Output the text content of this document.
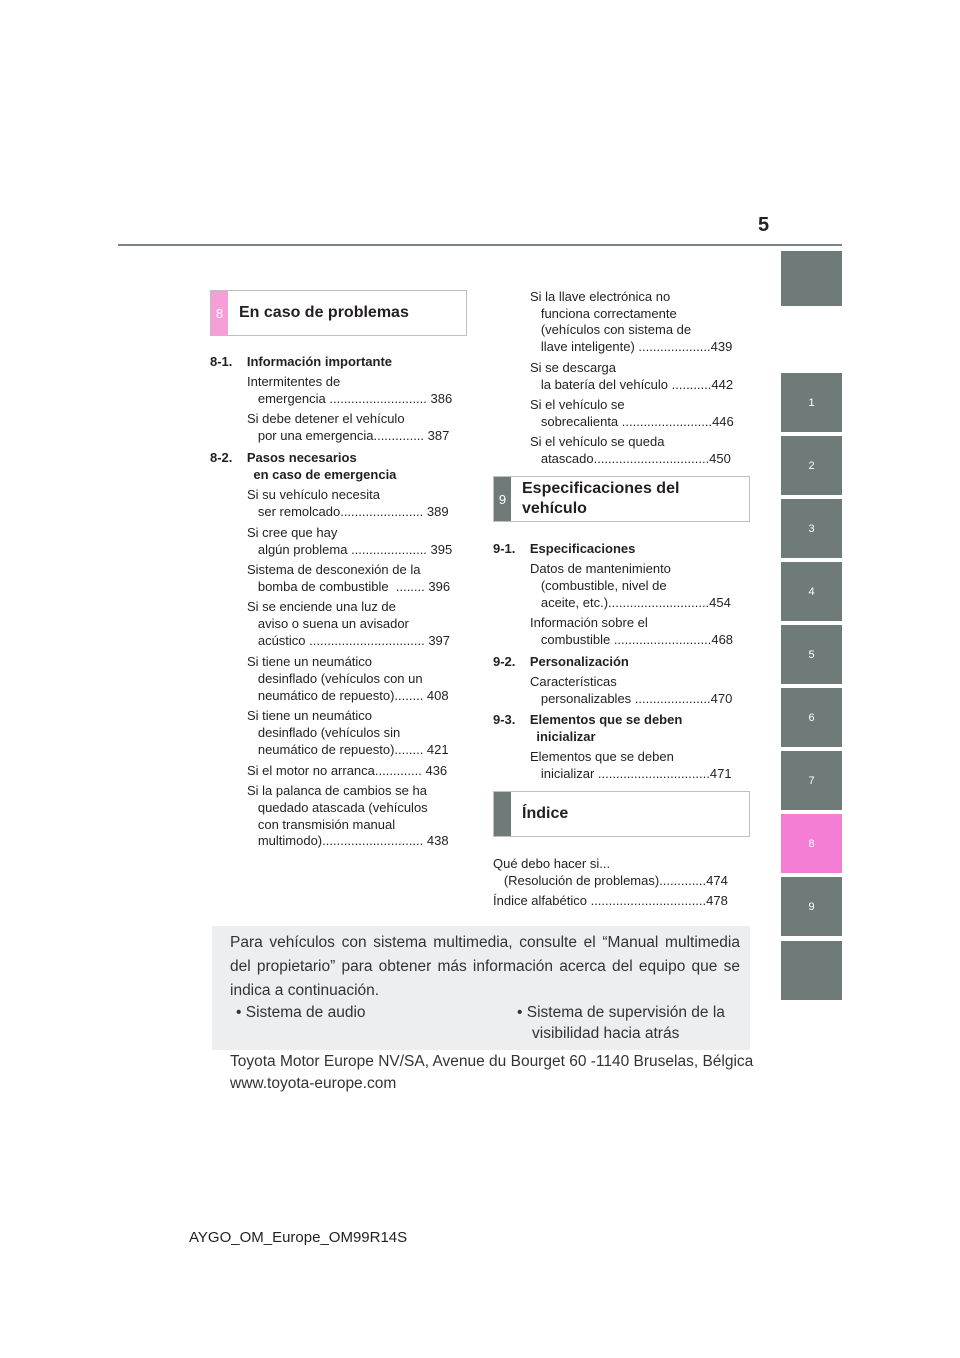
5
1
2
3
4
5
6
7
8
9
8 En caso de problemas
9
Especificaciones del
vehículo
Índice
8-1.    Información importante
Intermitentes de
emergencia ........................... 386
Si debe detener el vehículo
por una emergencia.............. 387
8-2.    Pasos necesarios
en caso de emergencia
Si su vehículo necesita
ser remolcado....................... 389
Si cree que hay
algún problema ..................... 395
Sistema de desconexión de la
bomba de combustible  ........ 396
Si se enciende una luz de
aviso o suena un avisador
acústico ................................ 397
Si tiene un neumático
desinflado (vehículos con un
neumático de repuesto)........ 408
Si tiene un neumático
desinflado (vehículos sin
neumático de repuesto)........ 421
Si el motor no arranca............. 436
Si la palanca de cambios se ha
quedado atascada (vehículos
con transmisión manual
multimodo)............................ 438
Si la llave electrónica no
funciona correctamente
(vehículos con sistema de
llave inteligente) ....................439
Si se descarga
la batería del vehículo ...........442
Si el vehículo se
sobrecalienta .........................446
Si el vehículo se queda
atascado................................450
9-1.    Especificaciones
Datos de mantenimiento
(combustible, nivel de
aceite, etc.)............................454
Información sobre el
combustible ...........................468
9-2.    Personalización
Características
personalizables .....................470
9-3.    Elementos que se deben
inicializar
Elementos que se deben
inicializar ...............................471
Qué debo hacer si...
(Resolución de problemas).............474
Índice alfabético ................................478
Para vehículos con sistema multimedia, consulte el “Manual multimedia del propietario” para obtener más información acerca del equipo que se indica a continuación.
• Sistema de audio	• Sistema de supervisión de la
visibilidad hacia atrás
Toyota Motor Europe NV/SA, Avenue du Bourget 60 -1140 Bruselas, Bélgica
www.toyota-europe.com
AYGO_OM_Europe_OM99R14S
